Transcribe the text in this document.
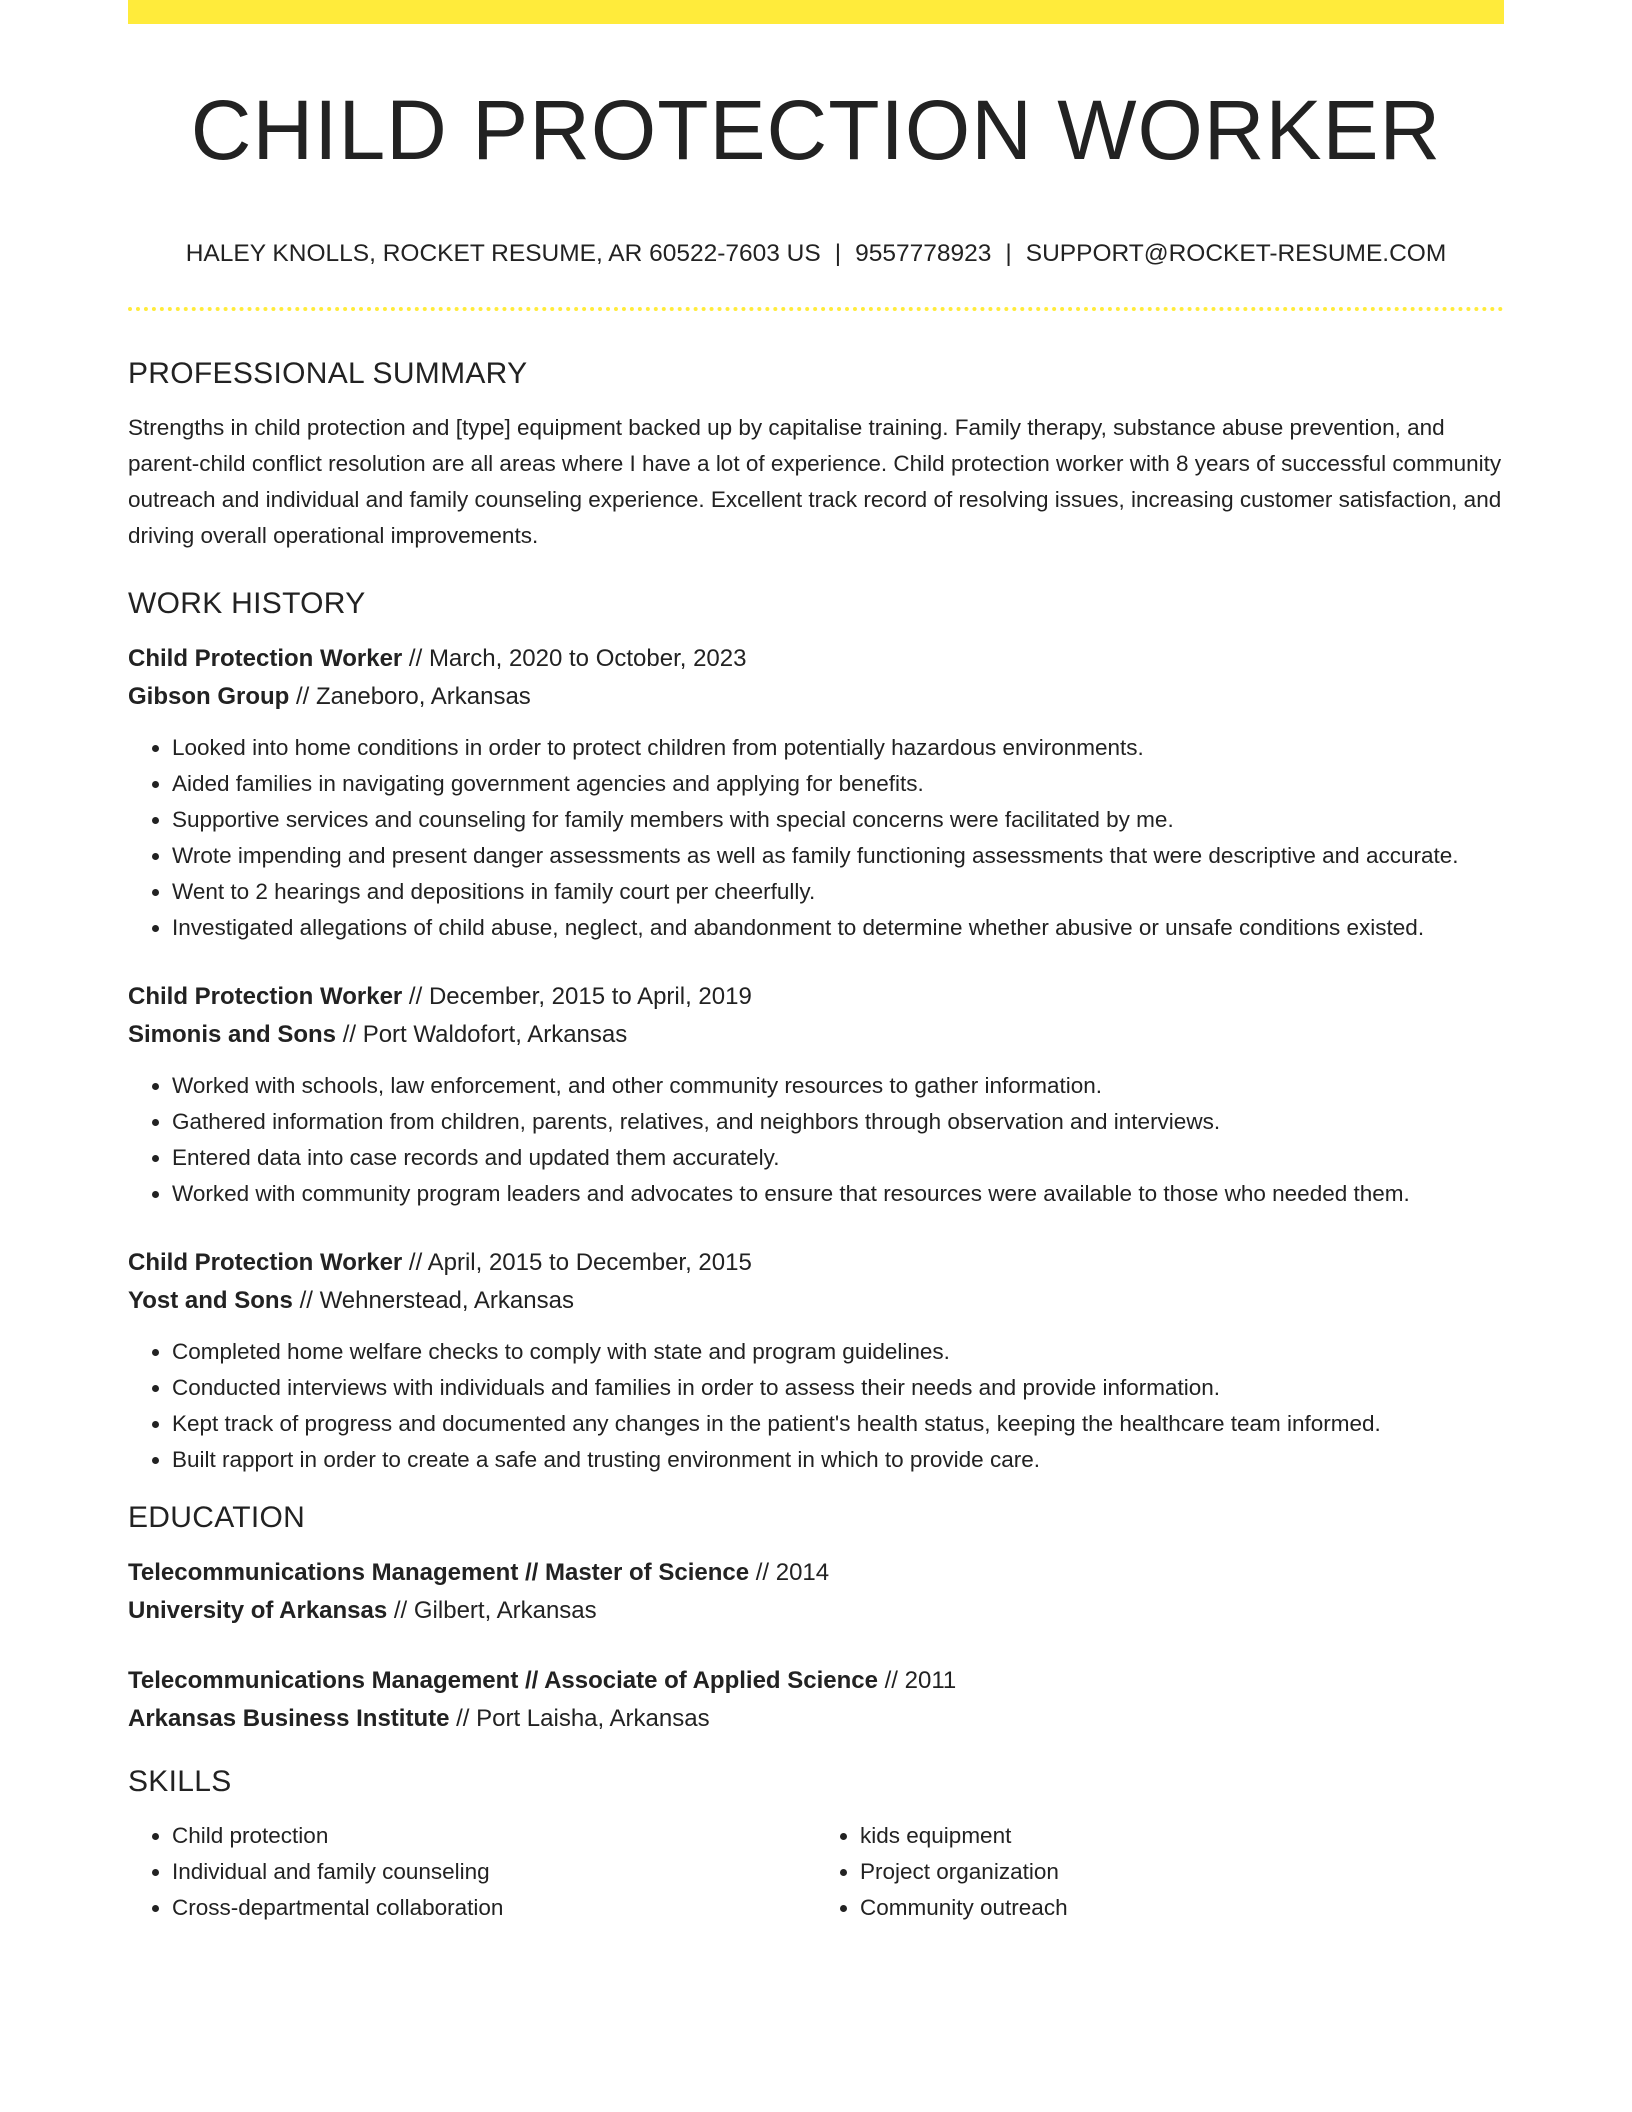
CHILD PROTECTION WORKER
HALEY KNOLLS, ROCKET RESUME, AR 60522-7603 US | 9557778923 | SUPPORT@ROCKET-RESUME.COM
PROFESSIONAL SUMMARY

Strengths in child protection and [type] equipment backed up by capitalise training. Family therapy, substance abuse prevention, and parent-child conflict resolution are all areas where I have a lot of experience. Child protection worker with 8 years of successful community outreach and individual and family counseling experience. Excellent track record of resolving issues, increasing customer satisfaction, and driving overall operational improvements.

WORK HISTORY

Child Protection Worker // March, 2020 to October, 2023

Gibson Group // Zaneboro, Arkansas

• Looked into home conditions in order to protect children from potentially hazardous environments.
• Aided families in navigating government agencies and applying for benefits.
• Supportive services and counseling for family members with special concerns were facilitated by me.
• Wrote impending and present danger assessments as well as family functioning assessments that were descriptive and accurate.
• Went to 2 hearings and depositions in family court per cheerfully.
• Investigated allegations of child abuse, neglect, and abandonment to determine whether abusive or unsafe conditions existed.

Child Protection Worker // December, 2015 to April, 2019

Simonis and Sons // Port Waldofort, Arkansas

• Worked with schools, law enforcement, and other community resources to gather information.
• Gathered information from children, parents, relatives, and neighbors through observation and interviews.
• Entered data into case records and updated them accurately.
• Worked with community program leaders and advocates to ensure that resources were available to those who needed them.

Child Protection Worker // April, 2015 to December, 2015

Yost and Sons // Wehnerstead, Arkansas

• Completed home welfare checks to comply with state and program guidelines.
• Conducted interviews with individuals and families in order to assess their needs and provide information.
• Kept track of progress and documented any changes in the patient's health status, keeping the healthcare team informed.
• Built rapport in order to create a safe and trusting environment in which to provide care.
EDUCATION

Telecommunications Management // Master of Science // 2014

University of Arkansas // Gilbert, Arkansas

Telecommunications Management // Associate of Applied Science // 2011

Arkansas Business Institute // Port Laisha, Arkansas

SKILLS
• Child protection
• Individual and family counseling
• Cross-departmental collaboration
• kids equipment
• Project organization
• Community outreach
